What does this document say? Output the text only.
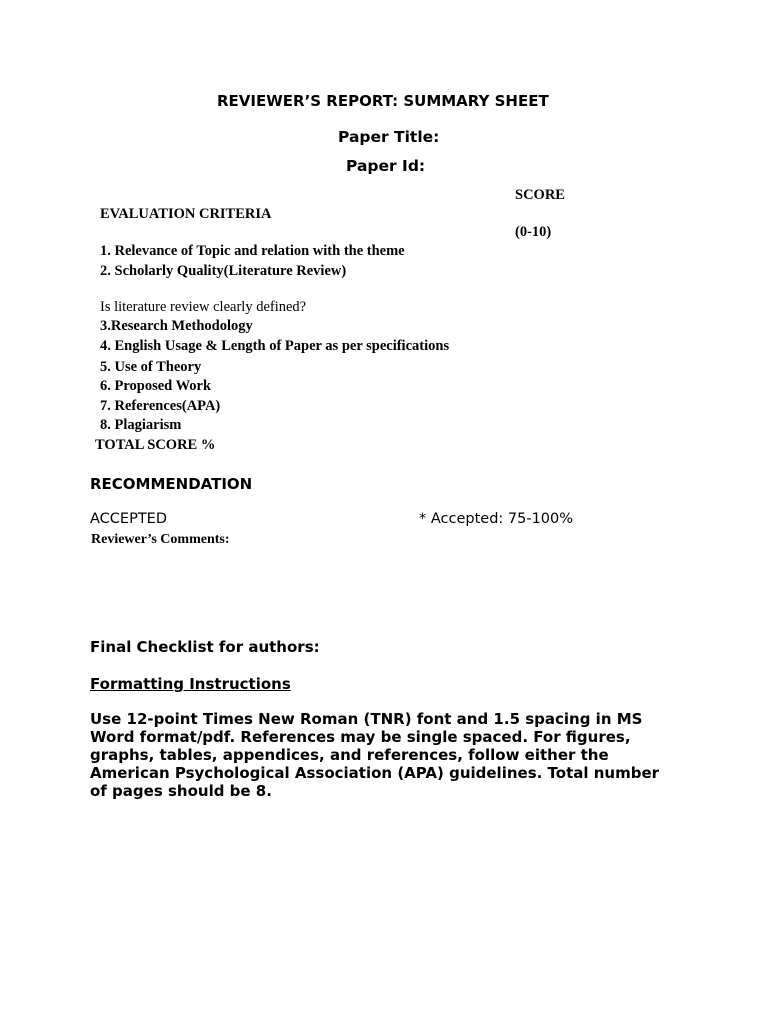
REVIEWER’S REPORT: SUMMARY SHEET
Paper Title:
Paper Id:
SCORE
(0-10)
EVALUATION CRITERIA
1. Relevance of Topic and relation with the theme
2. Scholarly Quality(Literature Review)
Is literature review clearly defined?
3.Research Methodology
4. English Usage & Length of Paper as per specifications
5. Use of Theory
6. Proposed Work
7. References(APA)
8. Plagiarism
TOTAL SCORE %
RECOMMENDATION
ACCEPTED	* Accepted: 75-100%
Reviewer’s Comments:
Final Checklist for authors:
Formatting Instructions
Use 12-point Times New Roman (TNR) font and 1.5 spacing in MS Word format/pdf. References may be single spaced. For figures, graphs, tables, appendices, and references, follow either the American Psychological Association (APA) guidelines. Total number of pages should be 8.
